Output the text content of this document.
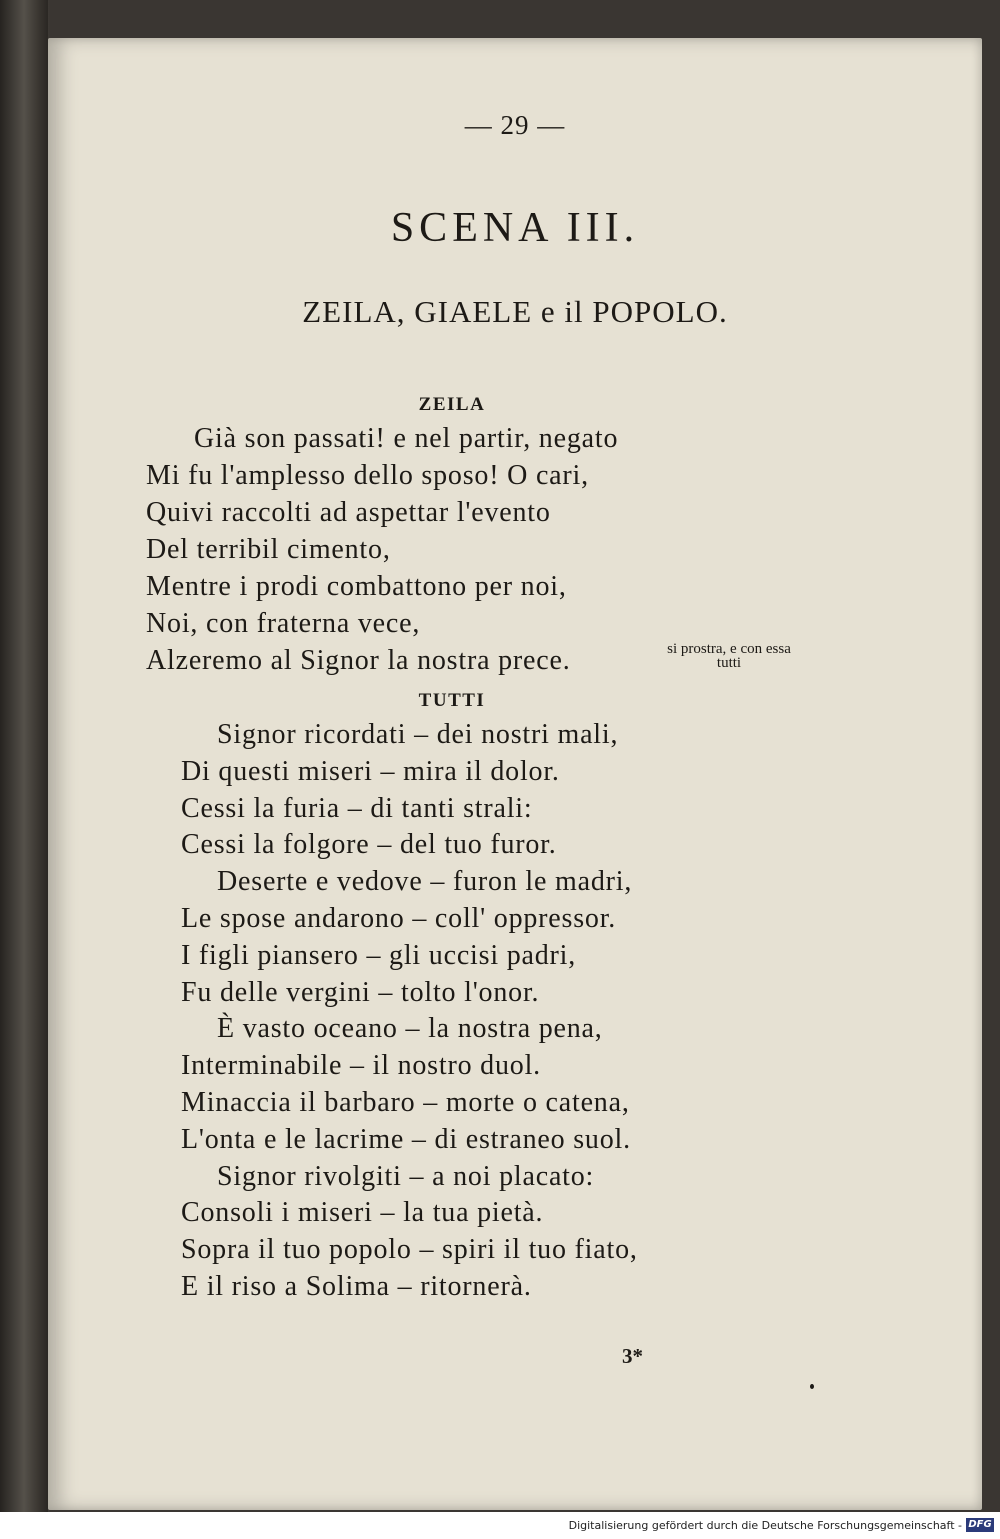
— 29 —
SCENA III.
ZEILA, GIAELE e il POPOLO.
ZEILA
Già son passati! e nel partir, negato
Mi fu l'amplesso dello sposo! O cari,
Quivi raccolti ad aspettar l'evento
Del terribil cimento,
Mentre i prodi combattono per noi,
Noi, con fraterna vece,
Alzeremo al Signor la nostra prece.	si prostra, e con essa tutti
TUTTI
Signor ricordati – dei nostri mali,
Di questi miseri – mira il dolor.
Cessi la furia – di tanti strali:
Cessi la folgore – del tuo furor.
Deserte e vedove – furon le madri,
Le spose andarono – coll' oppressor.
I figli piansero – gli uccisi padri,
Fu delle vergini – tolto l'onor.
È vasto oceano – la nostra pena,
Interminabile – il nostro duol.
Minaccia il barbaro – morte o catena,
L'onta e le lacrime – di estraneo suol.
Signor rivolgiti – a noi placato:
Consoli i miseri – la tua pietà.
Sopra il tuo popolo – spiri il tuo fiato,
E il riso a Solima – ritornerà.
3*
Digitalisierung gefördert durch die Deutsche Forschungsgemeinschaft - DFG
